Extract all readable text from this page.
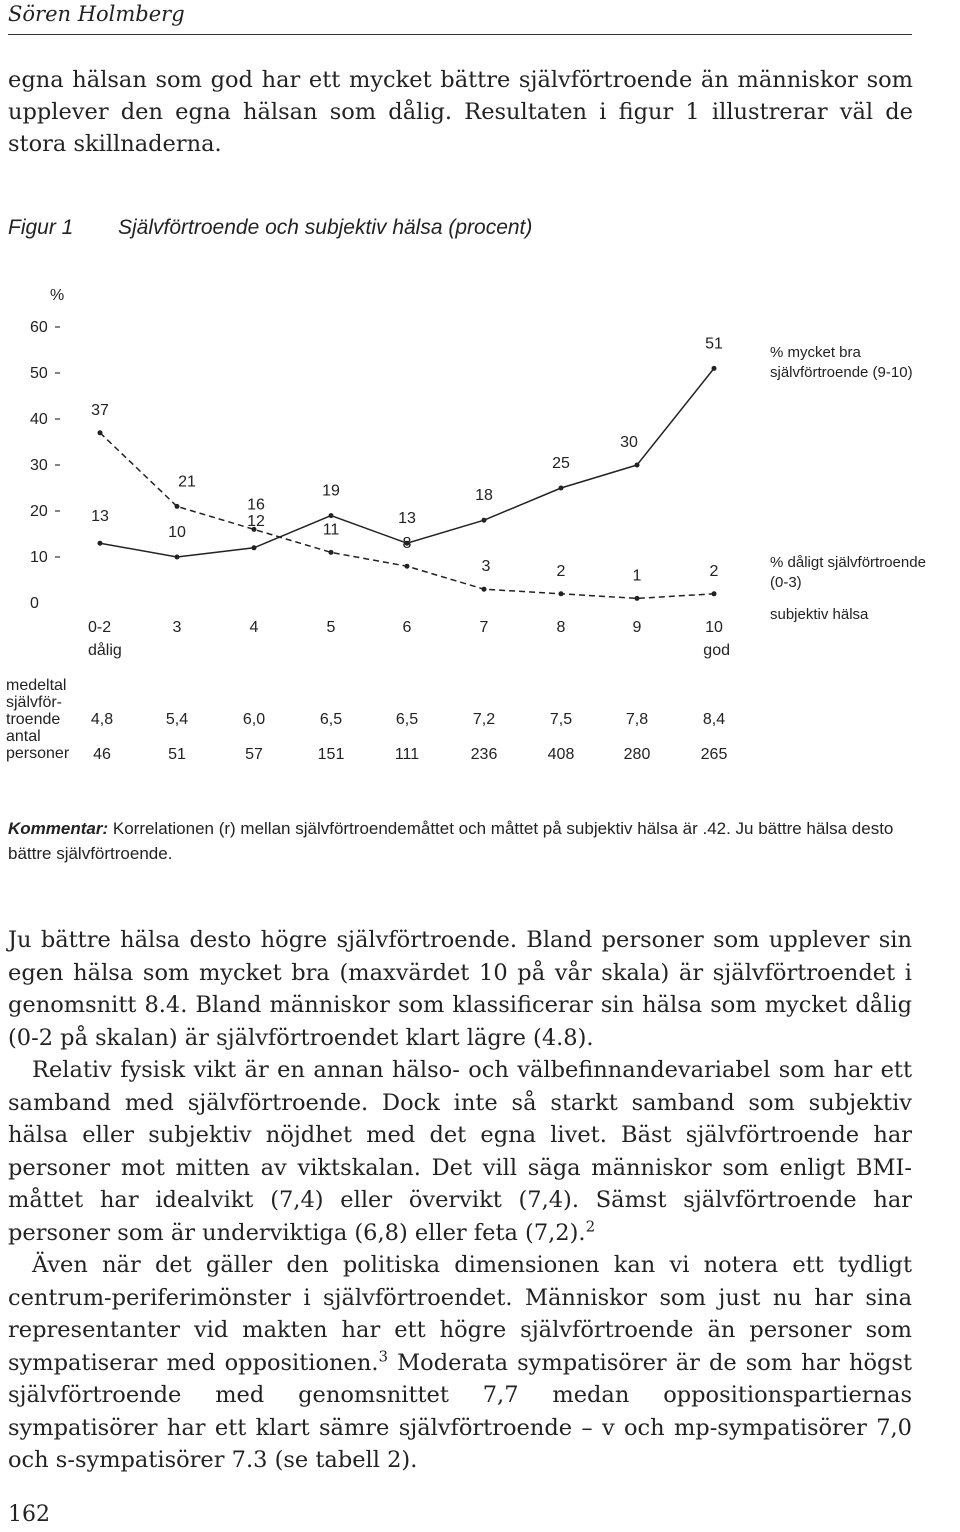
Sören Holmberg
egna hälsan som god har ett mycket bättre självförtroende än människor som upplever den egna hälsan som dålig. Resultaten i figur 1 illustrerar väl de stora skillnaderna.
Figur 1 Självförtroende och subjektiv hälsa (procent)
%
0
10
20
30
40
50
60
13
10
12
19
13
18
25
30
51
37
21
16
11
8
3	2	1	2
0-2	3	4	5	6	7	8	9	10
dålig	god
% mycket bra självförtroende (9-10)
% dåligt självförtroende (0-3)
subjektiv hälsa
medeltal självför- troende
antal personer
4,8	5,4	6,0	6,5	6,5	7,2	7,5	7,8	8,4
46	51	57	151	111	236	408	280	265
Kommentar: Korrelationen (r) mellan självförtroendemåttet och måttet på subjektiv hälsa är .42. Ju bättre hälsa desto bättre självförtroende.

Ju bättre hälsa desto högre självförtroende. Bland personer som upplever sin egen hälsa som mycket bra (maxvärdet 10 på vår skala) är självförtroendet i genomsnitt 8.4. Bland människor som klassificerar sin hälsa som mycket dålig (0-2 på skalan) är självförtroendet klart lägre (4.8).

Relativ fysisk vikt är en annan hälso- och välbefinnandevariabel som har ett samband med självförtroende. Dock inte så starkt samband som subjektiv hälsa eller subjektiv nöjdhet med det egna livet. Bäst självförtroende har personer mot mitten av viktskalan. Det vill säga människor som enligt BMI-måttet har idealvikt (7,4) eller övervikt (7,4). Sämst självförtroende har personer som är underviktiga (6,8) eller feta (7,2).$^2$

Även när det gäller den politiska dimensionen kan vi notera ett tydligt centrum-periferimönster i självförtroendet. Människor som just nu har sina representanter vid makten har ett högre självförtroende än personer som sympatiserar med oppositionen.$^3$ Moderata sympatisörer är de som har högst självförtroende med genomsnittet 7,7 medan oppositionspartiernas sympatisörer har ett klart sämre självförtroende – v och mp-sympatisörer 7,0 och s-sympatisörer 7.3 (se tabell 2).

162
